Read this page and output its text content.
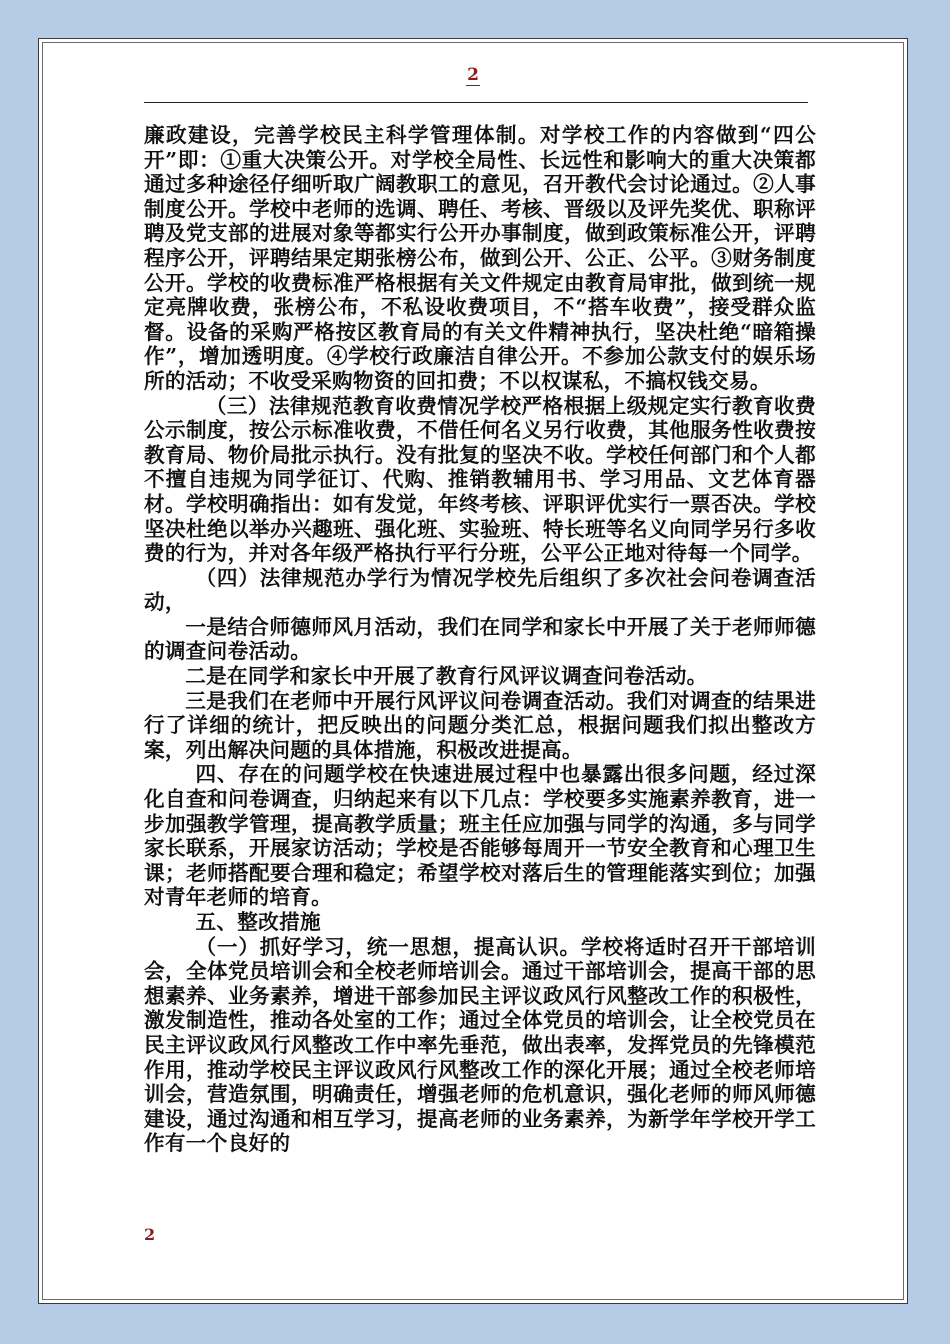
2

廉政建设，完善学校民主科学管理体制。对学校工作的内容做到“四公开”即：①重大决策公开。对学校全局性、长远性和影响大的重大决策都通过多种途径仔细听取广阔教职工的意见，召开教代会讨论通过。②人事制度公开。学校中老师的选调、聘任、考核、晋级以及评先奖优、职称评聘及党支部的进展对象等都实行公开办事制度，做到政策标准公开，评聘程序公开，评聘结果定期张榜公布，做到公开、公正、公平。③财务制度公开。学校的收费标准严格根据有关文件规定由教育局审批，做到统一规定亮牌收费，张榜公布，不私设收费项目，不“搭车收费”，接受群众监督。设备的采购严格按区教育局的有关文件精神执行，坚决杜绝“暗箱操作”，增加透明度。④学校行政廉洁自律公开。不参加公款支付的娱乐场所的活动；不收受采购物资的回扣费；不以权谋私，不搞权钱交易。

（三）法律规范教育收费情况学校严格根据上级规定实行教育收费公示制度，按公示标准收费，不借任何名义另行收费，其他服务性收费按教育局、物价局批示执行。没有批复的坚决不收。学校任何部门和个人都不擅自违规为同学征订、代购、推销教辅用书、学习用品、文艺体育器材。学校明确指出：如有发觉，年终考核、评职评优实行一票否决。学校坚决杜绝以举办兴趣班、强化班、实验班、特长班等名义向同学另行多收费的行为，并对各年级严格执行平行分班，公平公正地对待每一个同学。

（四）法律规范办学行为情况学校先后组织了多次社会问卷调查活动，

一是结合师德师风月活动，我们在同学和家长中开展了关于老师师德的调查问卷活动。

二是在同学和家长中开展了教育行风评议调查问卷活动。

三是我们在老师中开展行风评议问卷调查活动。我们对调查的结果进行了详细的统计，把反映出的问题分类汇总，根据问题我们拟出整改方案，列出解决问题的具体措施，积极改进提高。

四、存在的问题学校在快速进展过程中也暴露出很多问题，经过深化自查和问卷调查，归纳起来有以下几点：学校要多实施素养教育，进一步加强教学管理，提高教学质量；班主任应加强与同学的沟通，多与同学家长联系，开展家访活动；学校是否能够每周开一节安全教育和心理卫生课；老师搭配要合理和稳定；希望学校对落后生的管理能落实到位；加强对青年老师的培育。

五、整改措施

（一）抓好学习，统一思想，提高认识。学校将适时召开干部培训会，全体党员培训会和全校老师培训会。通过干部培训会，提高干部的思想素养、业务素养，增进干部参加民主评议政风行风整改工作的积极性，激发制造性，推动各处室的工作；通过全体党员的培训会，让全校党员在民主评议政风行风整改工作中率先垂范，做出表率，发挥党员的先锋模范作用，推动学校民主评议政风行风整改工作的深化开展；通过全校老师培训会，营造氛围，明确责任，增强老师的危机意识，强化老师的师风师德建设，通过沟通和相互学习，提高老师的业务素养，为新学年学校开学工作有一个良好的

2
